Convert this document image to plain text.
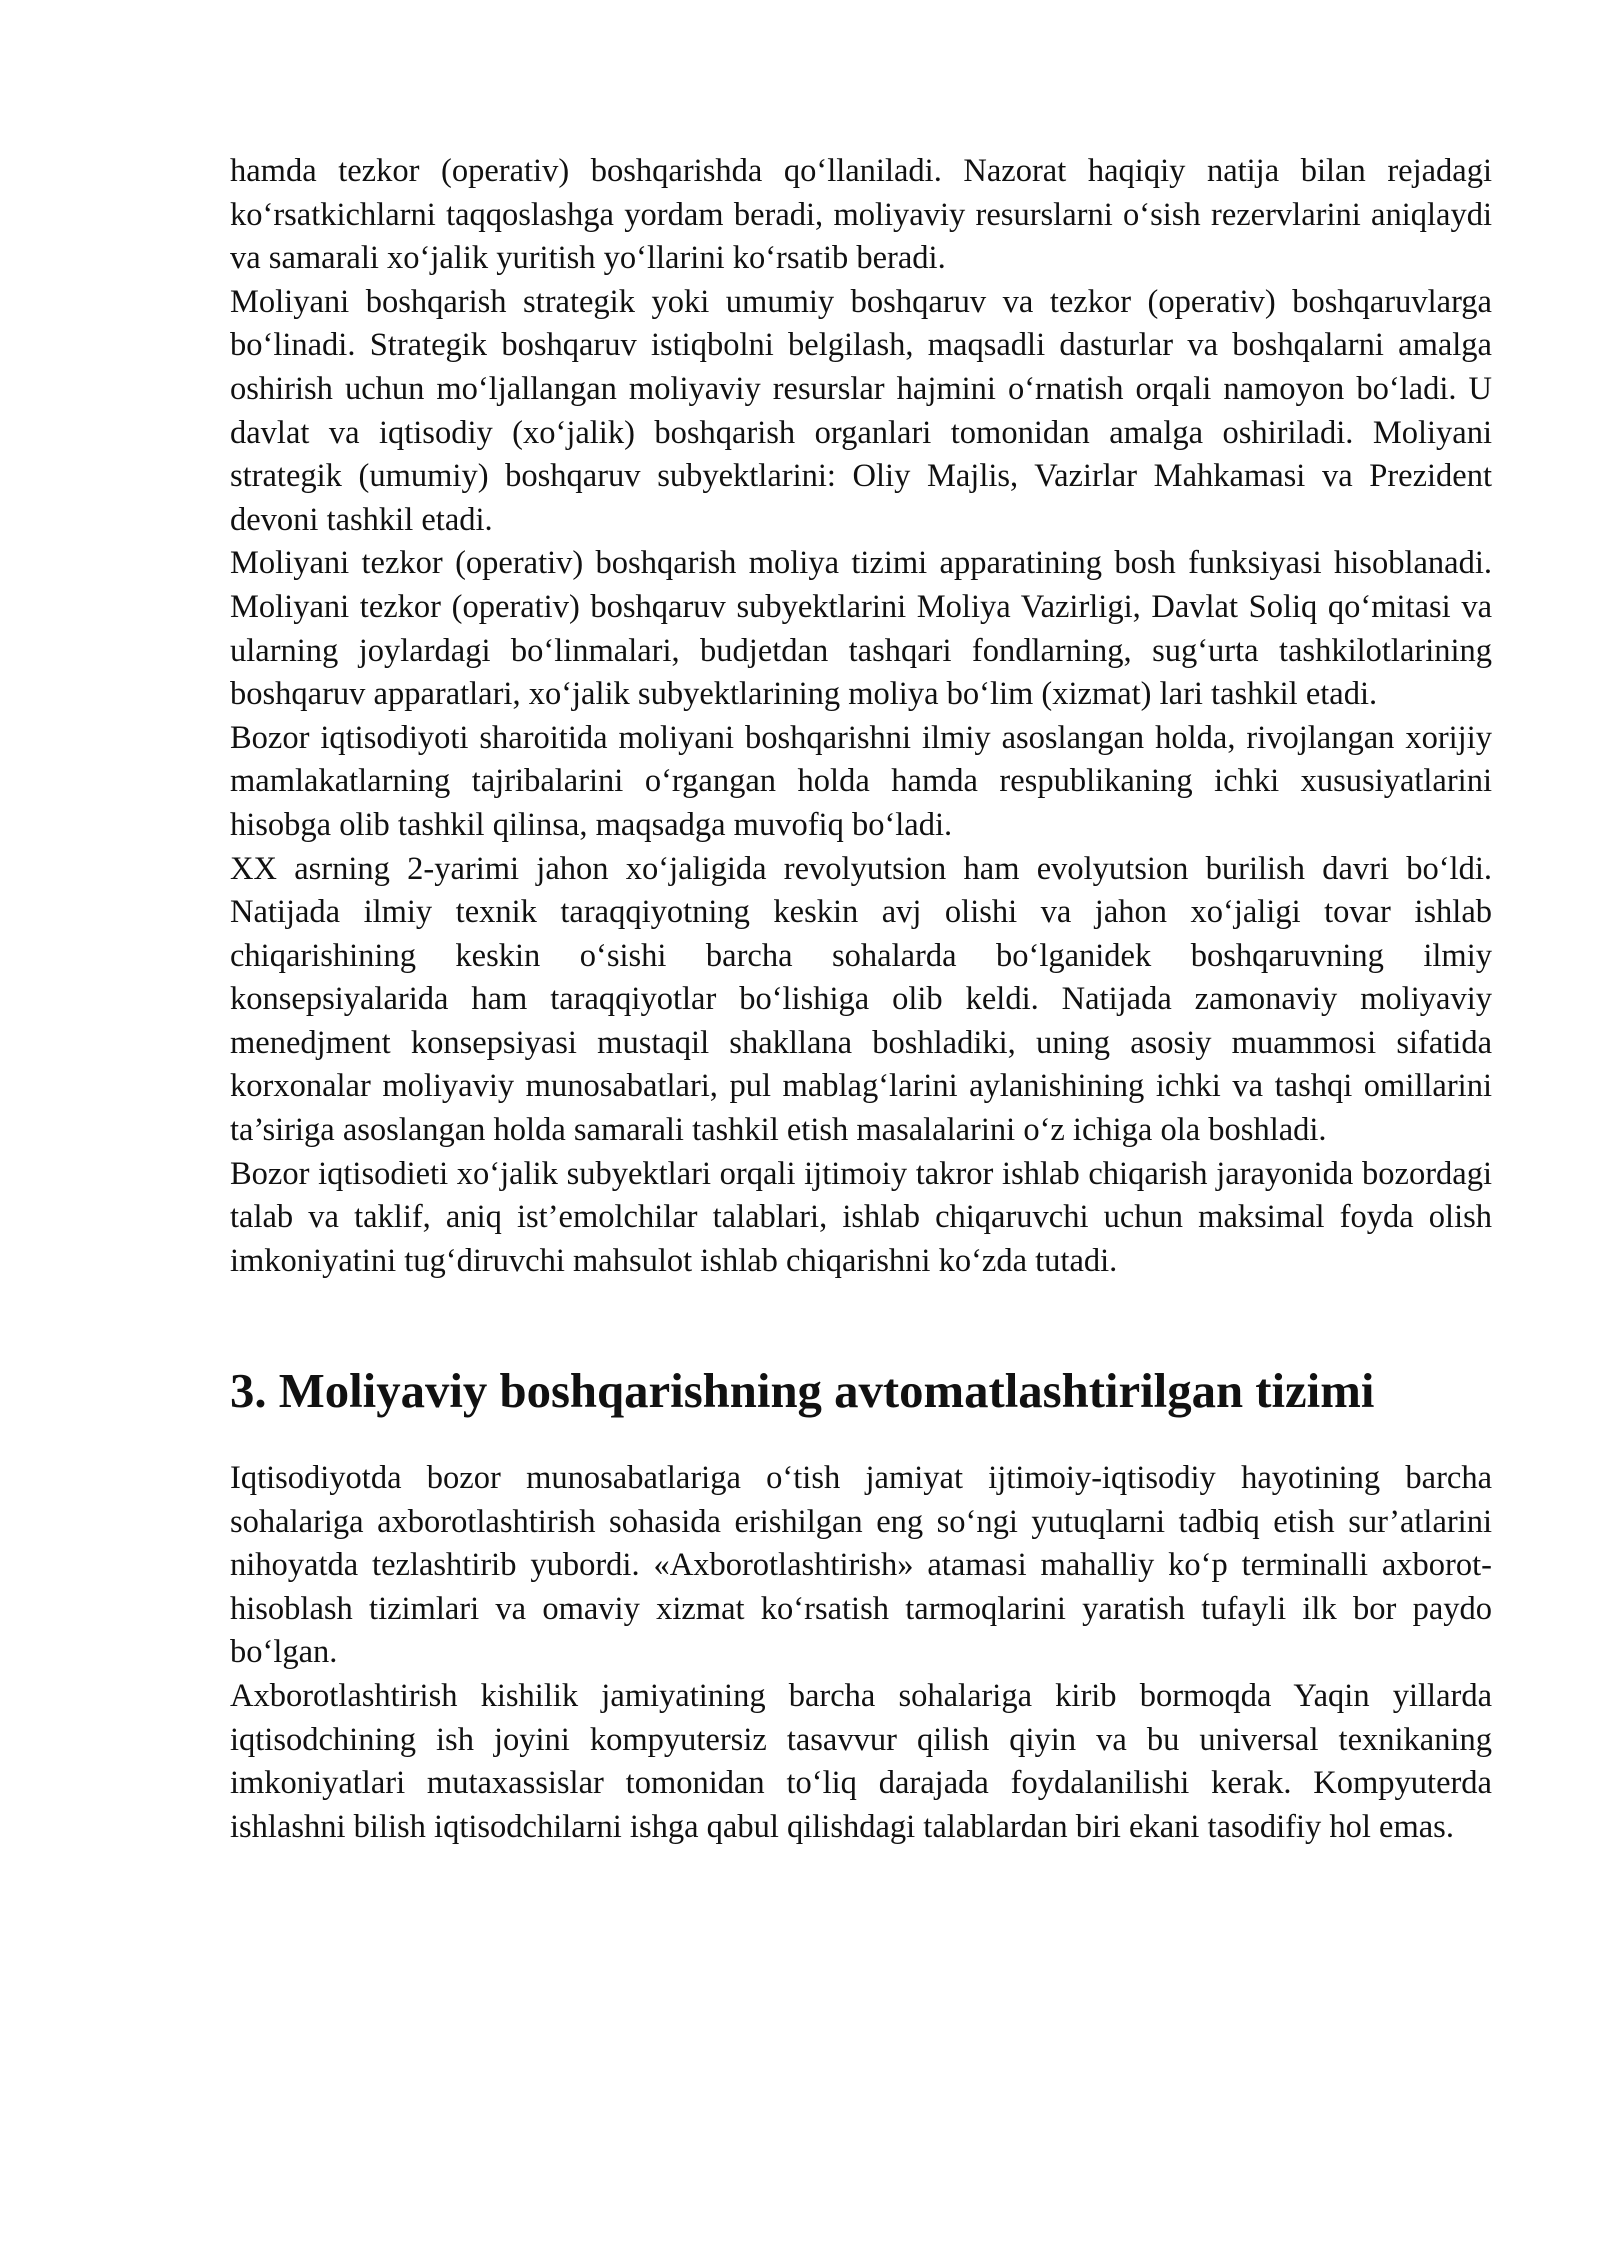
hamda tezkor (operativ) boshqarishda qo‘llaniladi. Nazorat haqiqiy natija bilan rejadagi ko‘rsatkichlarni taqqoslashga yordam beradi, moliyaviy resurslarni o‘sish rezervlarini aniqlaydi va samarali xo‘jalik yuritish yo‘llarini ko‘rsatib beradi.

Moliyani boshqarish strategik yoki umumiy boshqaruv va tezkor (operativ) boshqaruvlarga bo‘linadi. Strategik boshqaruv istiqbolni belgilash, maqsadli dasturlar va boshqalarni amalga oshirish uchun mo‘ljallangan moliyaviy resurslar hajmini o‘rnatish orqali namoyon bo‘ladi. U davlat va iqtisodiy (xo‘jalik) boshqarish organlari tomonidan amalga oshiriladi. Moliyani strategik (umumiy) boshqaruv subyektlarini: Oliy Majlis, Vazirlar Mahkamasi va Prezident devoni tashkil etadi.

Moliyani tezkor (operativ) boshqarish moliya tizimi apparatining bosh funksiyasi hisoblanadi. Moliyani tezkor (operativ) boshqaruv subyektlarini Moliya Vazirligi, Davlat Soliq qo‘mitasi va ularning joylardagi bo‘linmalari, budjetdan tashqari fondlarning, sug‘urta tashkilotlarining boshqaruv apparatlari, xo‘jalik subyektlarining moliya bo‘lim (xizmat) lari tashkil etadi.

Bozor iqtisodiyoti sharoitida moliyani boshqarishni ilmiy asoslangan holda, rivojlangan xorijiy mamlakatlarning tajribalarini o‘rgangan holda hamda respublikaning ichki xususiyatlarini hisobga olib tashkil qilinsa, maqsadga muvofiq bo‘ladi.

XX asrning 2-yarimi jahon xo‘jaligida revolyutsion ham evolyutsion burilish davri bo‘ldi. Natijada ilmiy texnik taraqqiyotning keskin avj olishi va jahon xo‘jaligi tovar ishlab chiqarishining keskin o‘sishi barcha sohalarda bo‘lganidek boshqaruvning ilmiy konsepsiyalarida ham taraqqiyotlar bo‘lishiga olib keldi. Natijada zamonaviy moliyaviy menedjment konsepsiyasi mustaqil shakllana boshladiki, uning asosiy muammosi sifatida korxonalar moliyaviy munosabatlari, pul mablag‘larini aylanishining ichki va tashqi omillarini ta’siriga asoslangan holda samarali tashkil etish masalalarini o‘z ichiga ola boshladi.

Bozor iqtisodieti xo‘jalik subyektlari orqali ijtimoiy takror ishlab chiqarish jarayonida bozordagi talab va taklif, aniq ist’emolchilar talablari, ishlab chiqaruvchi uchun maksimal foyda olish imkoniyatini tug‘diruvchi mahsulot ishlab chiqarishni ko‘zda tutadi.

3. Moliyaviy boshqarishning avtomatlashtirilgan tizimi

Iqtisodiyotda bozor munosabatlariga o‘tish jamiyat ijtimoiy-iqtisodiy hayotining barcha sohalariga axborotlashtirish sohasida erishilgan eng so‘ngi yutuqlarni tadbiq etish sur’atlarini nihoyatda tezlashtirib yubordi. «Axborotlashtirish» atamasi mahalliy ko‘p terminalli axborot-hisoblash tizimlari va omaviy xizmat ko‘rsatish tarmoqlarini yaratish tufayli ilk bor paydo bo‘lgan.

Axborotlashtirish kishilik jamiyatining barcha sohalariga kirib bormoqda Yaqin yillarda iqtisodchining ish joyini kompyutersiz tasavvur qilish qiyin va bu universal texnikaning imkoniyatlari mutaxassislar tomonidan to‘liq darajada foydalanilishi kerak. Kompyuterda ishlashni bilish iqtisodchilarni ishga qabul qilishdagi talablardan biri ekani tasodifiy hol emas.
